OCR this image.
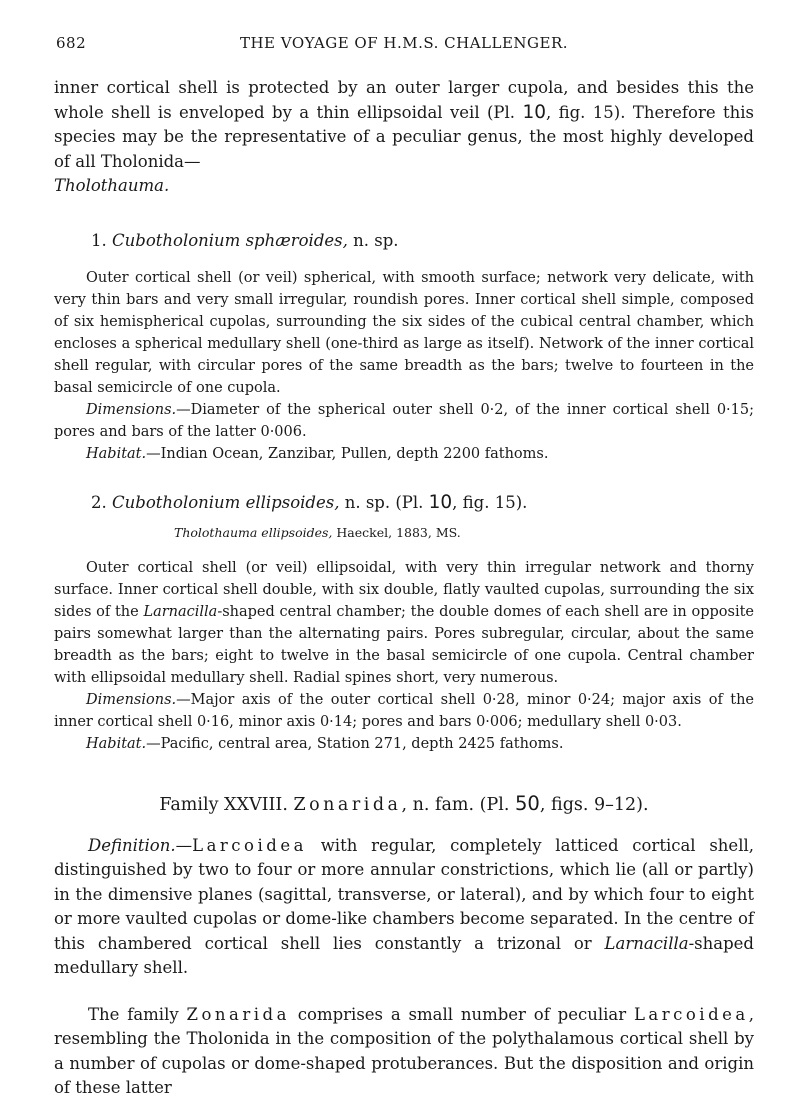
682	THE VOYAGE OF H.M.S. CHALLENGER.

inner cortical shell is protected by an outer larger cupola, and besides this the whole shell is enveloped by a thin ellipsoidal veil (Pl. 10, fig. 15). Therefore this species may be the representative of a peculiar genus, the most highly developed of all Tholonida—
Tholothauma.

1. Cubotholonium sphæroides, n. sp.

Outer cortical shell (or veil) spherical, with smooth surface; network very delicate, with very thin bars and very small irregular, roundish pores. Inner cortical shell simple, composed of six hemispherical cupolas, surrounding the six sides of the cubical central chamber, which encloses a spherical medullary shell (one-third as large as itself). Network of the inner cortical shell regular, with circular pores of the same breadth as the bars; twelve to fourteen in the basal semicircle of one cupola.

Dimensions.—Diameter of the spherical outer shell 0·2, of the inner cortical shell 0·15; pores and bars of the latter 0·006.

Habitat.—Indian Ocean, Zanzibar, Pullen, depth 2200 fathoms.

2. Cubotholonium ellipsoides, n. sp. (Pl. 10, fig. 15).

Tholothauma ellipsoides, Haeckel, 1883, MS.

Outer cortical shell (or veil) ellipsoidal, with very thin irregular network and thorny surface. Inner cortical shell double, with six double, flatly vaulted cupolas, surrounding the six sides of the Larnacilla-shaped central chamber; the double domes of each shell are in opposite pairs somewhat larger than the alternating pairs. Pores subregular, circular, about the same breadth as the bars; eight to twelve in the basal semicircle of one cupola. Central chamber with ellipsoidal medullary shell. Radial spines short, very numerous.

Dimensions.—Major axis of the outer cortical shell 0·28, minor 0·24; major axis of the inner cortical shell 0·16, minor axis 0·14; pores and bars 0·006; medullary shell 0·03.

Habitat.—Pacific, central area, Station 271, depth 2425 fathoms.

Family XXVIII. Zonarida, n. fam. (Pl. 50, figs. 9–12).

Definition.—Larcoidea with regular, completely latticed cortical shell, distinguished by two to four or more annular constrictions, which lie (all or partly) in the dimensive planes (sagittal, transverse, or lateral), and by which four to eight or more vaulted cupolas or dome-like chambers become separated. In the centre of this chambered cortical shell lies constantly a trizonal or Larnacilla-shaped medullary shell.

The family Zonarida comprises a small number of peculiar Larcoidea, resembling the Tholonida in the composition of the polythalamous cortical shell by a number of cupolas or dome-shaped protuberances. But the disposition and origin of these latter
